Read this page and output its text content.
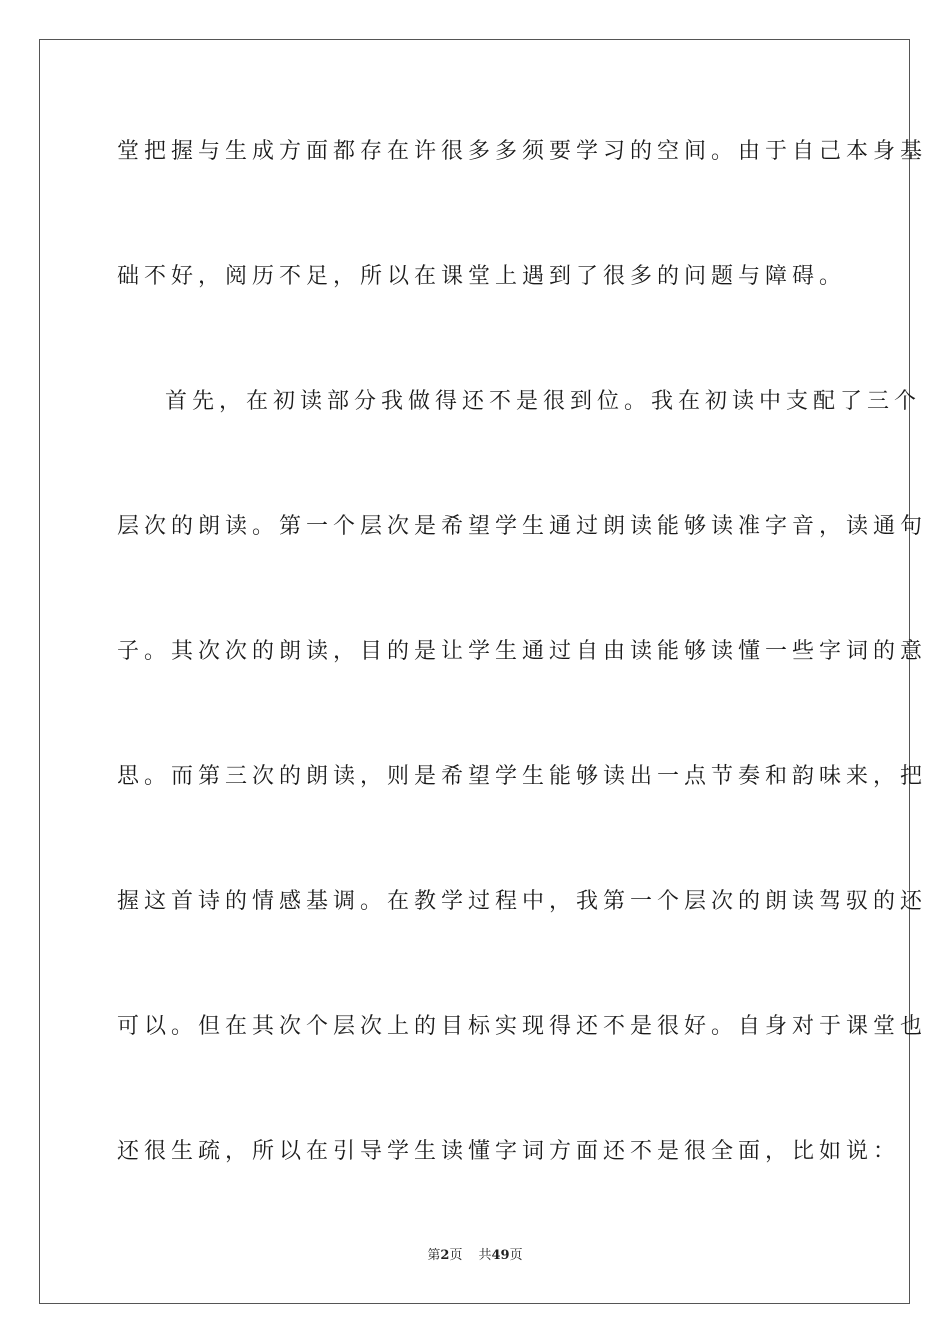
堂把握与生成方面都存在许很多多须要学习的空间。由于自己本身基
础不好，阅历不足，所以在课堂上遇到了很多的问题与障碍。
首先，在初读部分我做得还不是很到位。我在初读中支配了三个
层次的朗读。第一个层次是希望学生通过朗读能够读准字音，读通句
子。其次次的朗读，目的是让学生通过自由读能够读懂一些字词的意
思。而第三次的朗读，则是希望学生能够读出一点节奏和韵味来，把
握这首诗的情感基调。在教学过程中，我第一个层次的朗读驾驭的还
可以。但在其次个层次上的目标实现得还不是很好。自身对于课堂也
还很生疏，所以在引导学生读懂字词方面还不是很全面，比如说：
第2页 共49页
